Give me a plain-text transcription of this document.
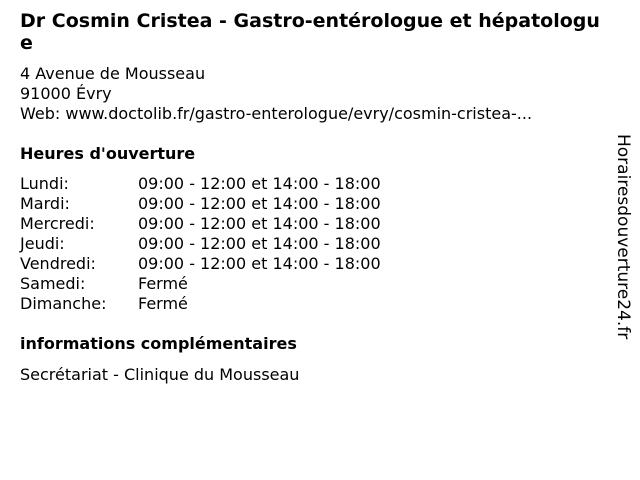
Dr Cosmin Cristea - Gastro-entérologue et hépatologue
4 Avenue de Mousseau
91000 Évry
Web: www.doctolib.fr/gastro-enterologue/evry/cosmin-cristea-...
Heures d'ouverture
Lundi:	09:00 - 12:00 et 14:00 - 18:00
Mardi:	09:00 - 12:00 et 14:00 - 18:00
Mercredi:	09:00 - 12:00 et 14:00 - 18:00
Jeudi:	09:00 - 12:00 et 14:00 - 18:00
Vendredi:	09:00 - 12:00 et 14:00 - 18:00
Samedi:	Fermé
Dimanche:	Fermé
informations complémentaires
Secrétariat - Clinique du Mousseau
Horairesdouverture24.fr
